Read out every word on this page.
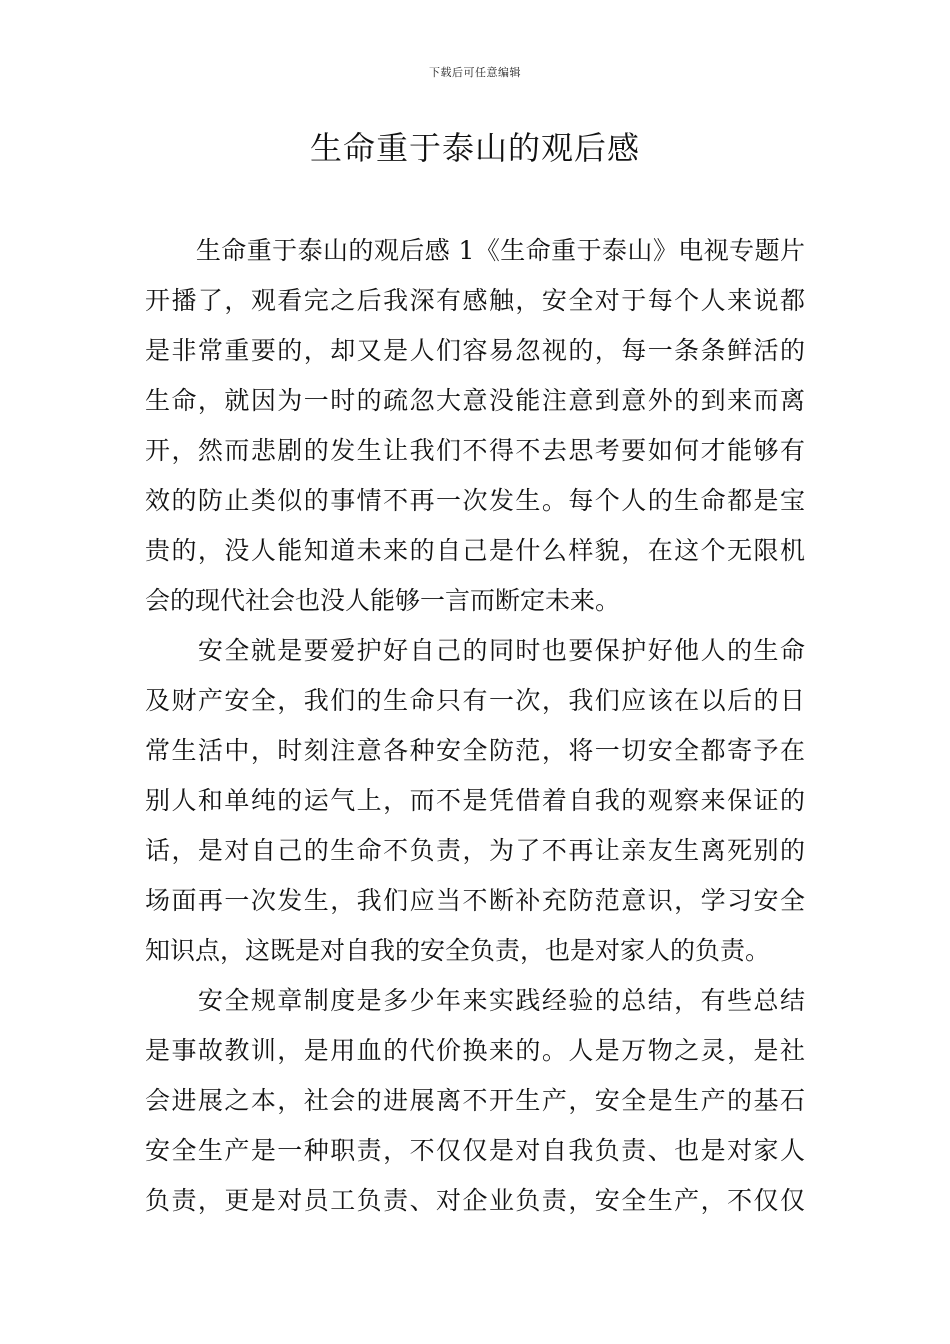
下载后可任意编辑
生命重于泰山的观后感
　　生命重于泰山的观后感 1《生命重于泰山》电视专题片
开播了，观看完之后我深有感触，安全对于每个人来说都
是非常重要的，却又是人们容易忽视的，每一条条鲜活的
生命，就因为一时的疏忽大意没能注意到意外的到来而离
开，然而悲剧的发生让我们不得不去思考要如何才能够有
效的防止类似的事情不再一次发生。每个人的生命都是宝
贵的，没人能知道未来的自己是什么样貌，在这个无限机
会的现代社会也没人能够一言而断定未来。
　　安全就是要爱护好自己的同时也要保护好他人的生命
及财产安全，我们的生命只有一次，我们应该在以后的日
常生活中，时刻注意各种安全防范，将一切安全都寄予在
别人和单纯的运气上，而不是凭借着自我的观察来保证的
话，是对自己的生命不负责，为了不再让亲友生离死别的
场面再一次发生，我们应当不断补充防范意识，学习安全
知识点，这既是对自我的安全负责，也是对家人的负责。
　　安全规章制度是多少年来实践经验的总结，有些总结
是事故教训，是用血的代价换来的。人是万物之灵，是社
会进展之本，社会的进展离不开生产，安全是生产的基石
安全生产是一种职责，不仅仅是对自我负责、也是对家人
负责，更是对员工负责、对企业负责，安全生产，不仅仅
